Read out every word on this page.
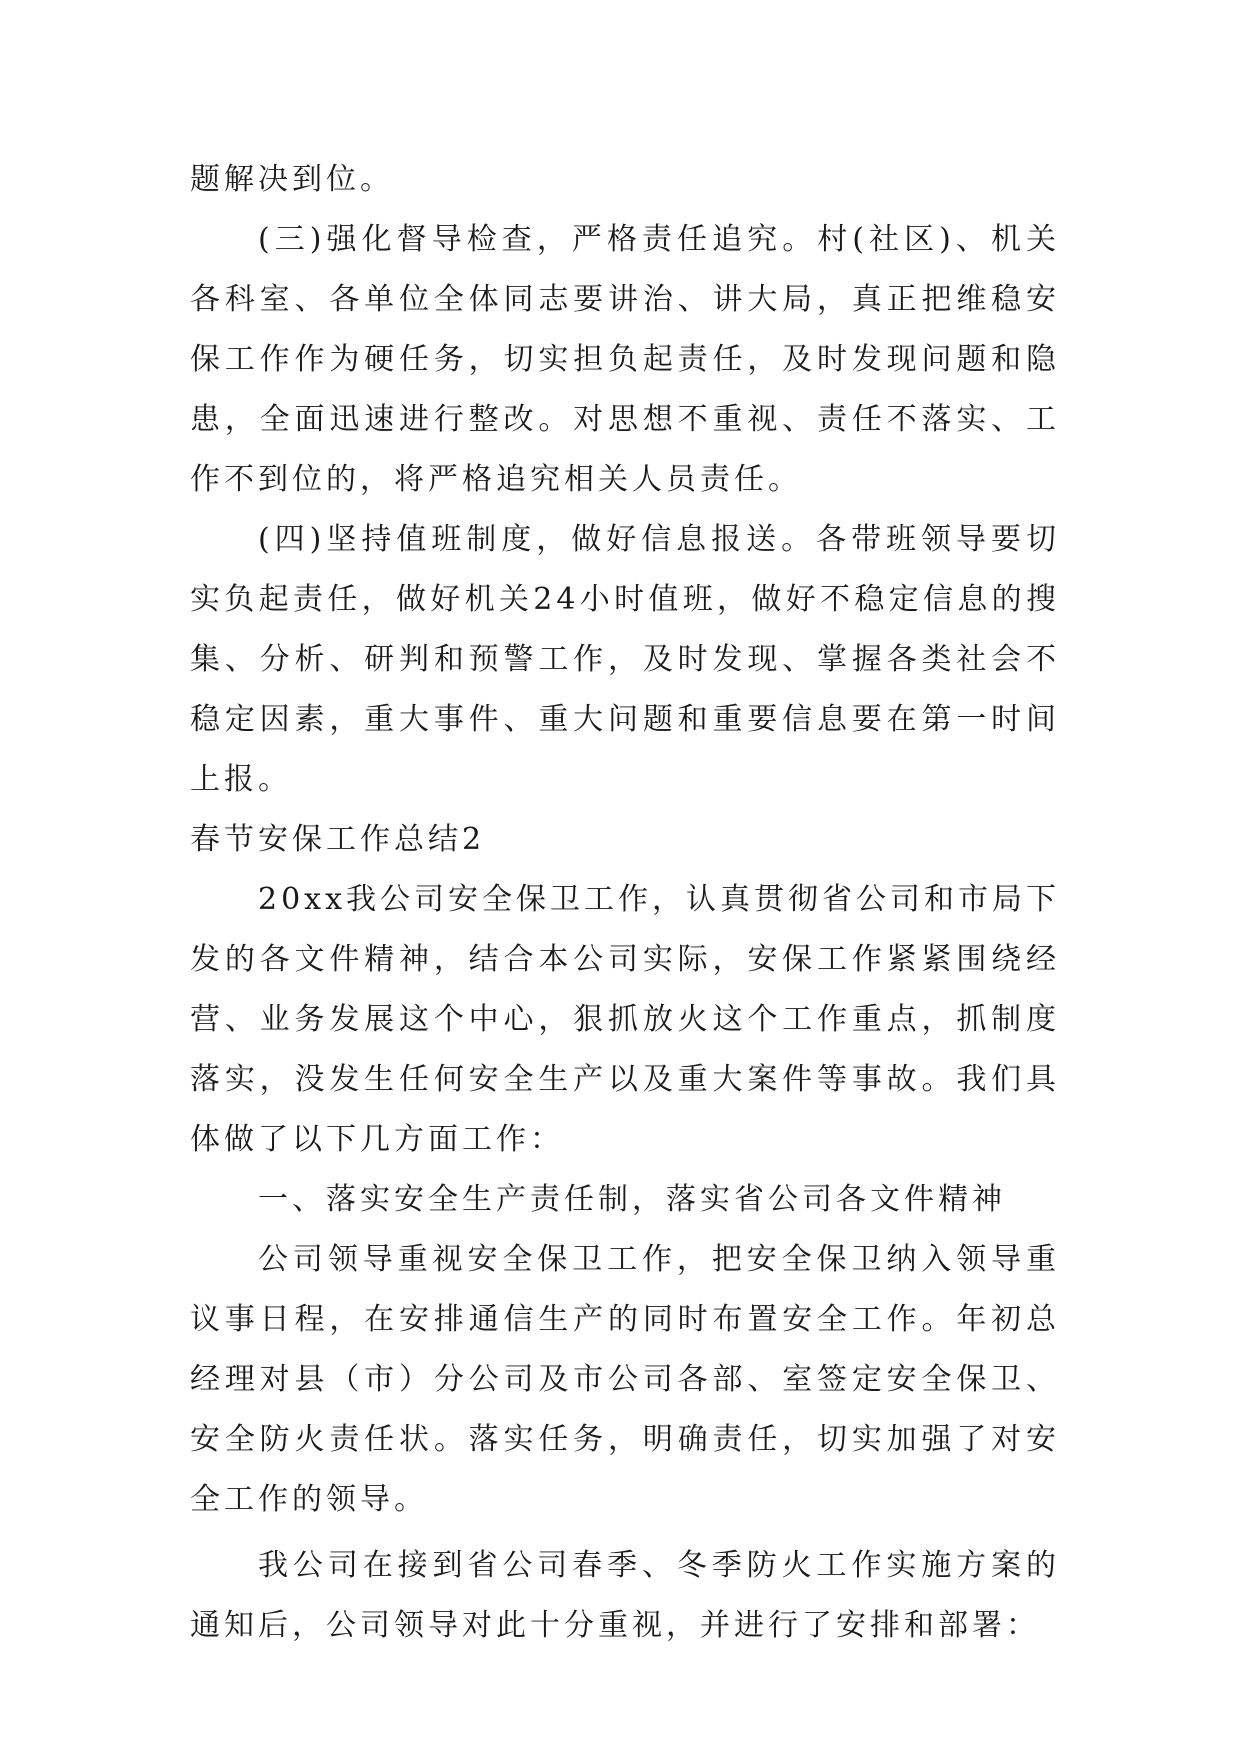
题解决到位。

(三)强化督导检查，严格责任追究。村(社区)、机关各科室、各单位全体同志要讲治、讲大局，真正把维稳安保工作作为硬任务，切实担负起责任，及时发现问题和隐患，全面迅速进行整改。对思想不重视、责任不落实、工作不到位的，将严格追究相关人员责任。

(四)坚持值班制度，做好信息报送。各带班领导要切实负起责任，做好机关24小时值班，做好不稳定信息的搜集、分析、研判和预警工作，及时发现、掌握各类社会不稳定因素，重大事件、重大问题和重要信息要在第一时间上报。

春节安保工作总结2

20xx我公司安全保卫工作，认真贯彻省公司和市局下发的各文件精神，结合本公司实际，安保工作紧紧围绕经营、业务发展这个中心，狠抓放火这个工作重点，抓制度落实，没发生任何安全生产以及重大案件等事故。我们具体做了以下几方面工作：

一、落实安全生产责任制，落实省公司各文件精神

公司领导重视安全保卫工作，把安全保卫纳入领导重议事日程，在安排通信生产的同时布置安全工作。年初总经理对县（市）分公司及市公司各部、室签定安全保卫、安全防火责任状。落实任务，明确责任，切实加强了对安全工作的领导。

我公司在接到省公司春季、冬季防火工作实施方案的通知后，公司领导对此十分重视，并进行了安排和部署：
